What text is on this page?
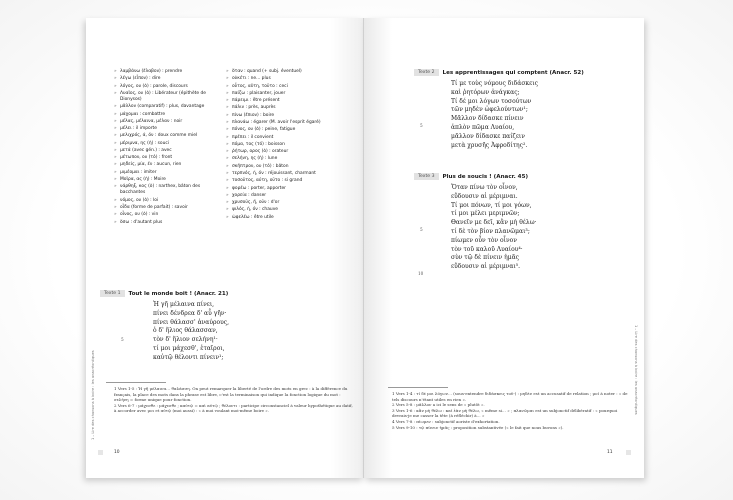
» λαμβάνω (ἔλαβον) : prendre
» λέγω (εἶπον) : dire
» λόγος, ου (ὁ) : parole, discours
» Λυαῖος, ου (ὁ) : Libérateur (épithète de Dionysos)
» μᾶλλον (comparatif) : plus, davantage
» μάχομαι : combattre
» μέλας, μέλαινα, μέλαν : noir
» μέλει : il importe
» μελιχρός, ά, όν : doux comme miel
» μέριμνα, ης (ἡ) : souci
» μετά (avec gén.) : avec
» μέτωπον, ου (τό) : front
» μηδείς, μία, έν : aucun, rien
» μιμέομαι : imiter
» Μοῖρα, ας (ἡ) : Moire
» νάρθηξ, κος (ὁ) : narthex, bâton des bacchantes
» νόμος, ου (ὁ) : loi
» οἶδα (forme de parfait) : savoir
» οἶνος, ου (ὁ) : vin
» ὅσω : d'autant plus
» ὅταν : quand (+ subj. éventuel)
» οὐκέτι : ne... plus
» οὗτος, αὕτη, τοῦτο : ceci
» παίζω : plaisanter, jouer
» πάρειμι : être présent
» πάλιν : près, auprès
» πίνω (ἔπιον) : boire
» πλανάω : égarer (M. avoir l'esprit égaré)
» πόνος, ου (ὁ) : peine, fatigue
» πρέπει : il convient
» πόμα, τος (τό) : boisson
» ῥήτωρ, ορος (ὁ) : orateur
» σελήνη, ης (ἡ) : lune
» σκῆπτρον, ου (τό) : bâton
» τερπνός, ή, όν : réjouissant, charmant
» τοσοῦτος, αύτη, οῦτο : si grand
» φορέω : porter, apporter
» χορεία : danser
» χρυσοῦς, ῆ, οῦν : d'or
» ψιλός, ή, όν : chauve
» ὠφελέω : être utile
Texte 1	Tout le monde boit ! (Anacr. 21)
Ἡ γῆ μέλαινα πίνει,
πίνει δένδρεα δ' αὖ γῆν·
πίνει θάλασσ' ἀναύρους,
ὁ δ' ἥλιος θάλασσαν,
τὸν δ' ἥλιον σελήνη¹·
τί μοι μάχεσθ', ἑταῖροι,
καὐτῷ θέλοντι πίνειν¹;
5
1 Vers 1-5 : Ἡ γῆ μέλαινα… θαλάσση. On peut remarquer la liberté de l'ordre des mots en grec : à la différence du français, la place des mots dans la phrase est libre, c'est la terminaison qui indique la fonction logique du mot : σελήνη = forme unique pour fonction.
2 Vers 6-7 : μάχεσθε : μάχεσθε ; καὐτῷ = καὶ αὐτῷ ; θέλοντι : participe circonstanciel à valeur hypothétique au datif, à accorder avec μοι et αὐτῷ (moi aussi) : « à moi voulant moi-même boire ».
10
1 – Lire des chansons à boire : les anacréontiques
Texte 2	Les apprentissages qui comptent (Anacr. 52)
Τί με τοὺς νόμους διδάσκεις
καὶ ῥητόρων ἀνάγκας;
Τί δέ μοι λόγων τοσούτων
τῶν μηδὲν ὠφελούντων¹;
Μᾶλλον δίδασκε πίνειν
ἁπλὸν πῶμα Λυαίου,
μᾶλλον δίδασκε παίζειν
μετὰ χρυσῆς Ἀφροδίτης².
5
Texte 3	Plus de soucis ! (Anacr. 45)
Ὅταν πίνω τὸν οἶνον,
εὕδουσιν αἱ μέριμναι.
Τί μοι πόνων, τί μοι γόων,
τί μοι μέλει μεριμνῶν;
Θανεῖν με δεῖ, κἂν μὴ θέλω·
τί δὲ τὸν βίον πλανῶμαι³;
πίωμεν οὖν τὸν οἶνον
τὸν τοῦ καλοῦ Λυαίου⁴·
σὺν τῷ δὲ πίνειν ἡμᾶς
εὕδουσιν αἱ μέριμναι⁵.
5
10
1 Vers 1-4 : τί δέ μοι λόγων… (sous-entendre διδάσκεις τοῦ‑) : μηδὲν est un accusatif de relation ; μοί à noter : « de tels discours n'étant utiles en rien ».
2 Vers 5-8 : μᾶλλον a ici le sens de « plutôt ».
3 Vers 1-6 : κἂν μὴ θέλω : καί ἐὰν μὴ θέλω, « même si… » ; πλανῶμαι est un subjonctif délibératif : « pourquoi devrais-je me casser la tête (à réfléchir) à… »
4 Vers 7-8 : πίωμεν : subjonctif aoriste d'exhortation.
5 Vers 9-10 : τῷ πίνειν ἡμᾶς : proposition substantivée (« le fait que nous buvons »).
11
1 – Lire des chansons à boire : les anacréontiques
